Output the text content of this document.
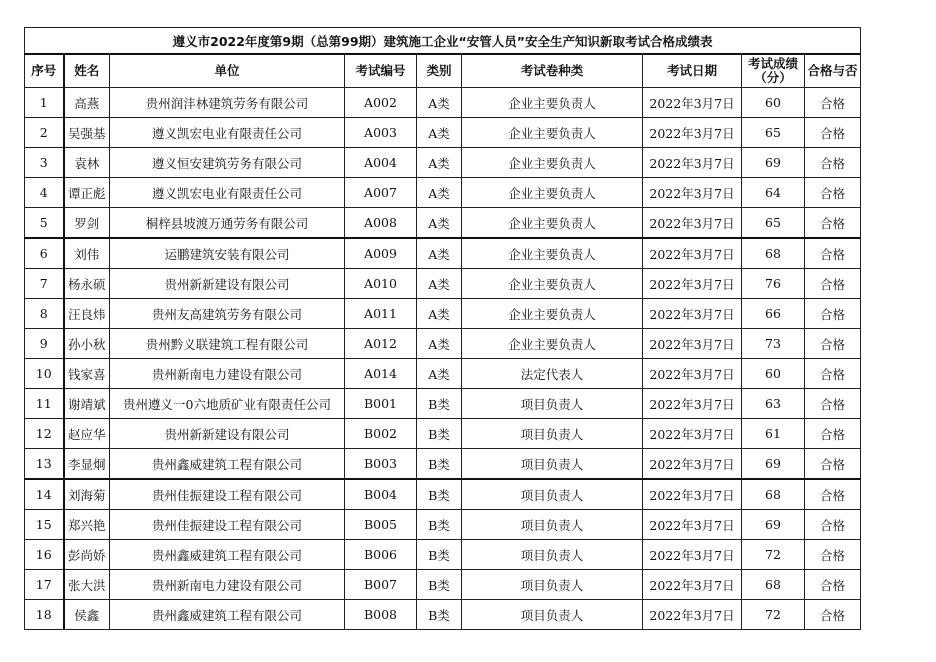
遵义市2022年度第9期（总第99期）建筑施工企业“安管人员”安全生产知识新取考试合格成绩表								
序号	姓名	单位	考试编号	类别	考试卷种类	考试日期	考试成绩（分）	合格与否
1	高燕	贵州润沣林建筑劳务有限公司	A002	A类	企业主要负责人	2022年3月7日	60	合格
2	吴强基	遵义凯宏电业有限责任公司	A003	A类	企业主要负责人	2022年3月7日	65	合格
3	袁林	遵义恒安建筑劳务有限公司	A004	A类	企业主要负责人	2022年3月7日	69	合格
4	谭正彪	遵义凯宏电业有限责任公司	A007	A类	企业主要负责人	2022年3月7日	64	合格
5	罗剑	桐梓县坡渡万通劳务有限公司	A008	A类	企业主要负责人	2022年3月7日	65	合格
6	刘伟	运鹏建筑安装有限公司	A009	A类	企业主要负责人	2022年3月7日	68	合格
7	杨永硕	贵州新新建设有限公司	A010	A类	企业主要负责人	2022年3月7日	76	合格
8	汪良炜	贵州友高建筑劳务有限公司	A011	A类	企业主要负责人	2022年3月7日	66	合格
9	孙小秋	贵州黔义联建筑工程有限公司	A012	A类	企业主要负责人	2022年3月7日	73	合格
10	钱家喜	贵州新南电力建设有限公司	A014	A类	法定代表人	2022年3月7日	60	合格
11	谢靖斌	贵州遵义一0六地质矿业有限责任公司	B001	B类	项目负责人	2022年3月7日	63	合格
12	赵应华	贵州新新建设有限公司	B002	B类	项目负责人	2022年3月7日	61	合格
13	李显炯	贵州鑫威建筑工程有限公司	B003	B类	项目负责人	2022年3月7日	69	合格
14	刘海菊	贵州佳振建设工程有限公司	B004	B类	项目负责人	2022年3月7日	68	合格
15	郑兴艳	贵州佳振建设工程有限公司	B005	B类	项目负责人	2022年3月7日	69	合格
16	彭尚娇	贵州鑫威建筑工程有限公司	B006	B类	项目负责人	2022年3月7日	72	合格
17	张大洪	贵州新南电力建设有限公司	B007	B类	项目负责人	2022年3月7日	68	合格
18	侯鑫	贵州鑫威建筑工程有限公司	B008	B类	项目负责人	2022年3月7日	72	合格
